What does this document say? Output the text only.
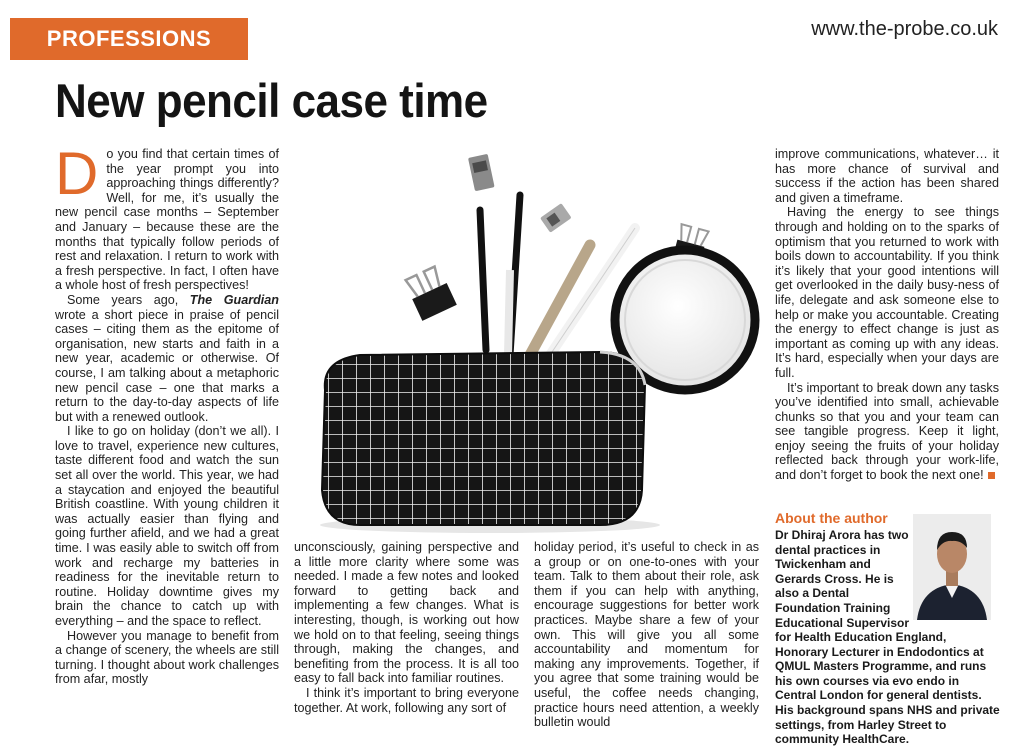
PROFESSIONS	www.the-probe.co.uk
New pencil case time

Do you find that certain times of the year prompt you into approaching things differently? Well, for me, it’s usually the new pencil case months – September and January – because these are the months that typically follow periods of rest and relaxation. I return to work with a fresh perspective. In fact, I often have a whole host of fresh perspectives!

Some years ago, The Guardian wrote a short piece in praise of pencil cases – citing them as the epitome of organisation, new starts and faith in a new year, academic or otherwise. Of course, I am talking about a metaphoric new pencil case – one that marks a return to the day-to-day aspects of life but with a renewed outlook.

I like to go on holiday (don’t we all). I love to travel, experience new cultures, taste different food and watch the sun set all over the world. This year, we had a staycation and enjoyed the beautiful British coastline. With young children it was actually easier than flying and going further afield, and we had a great time. I was easily able to switch off from work and recharge my batteries in readiness for the inevitable return to routine. Holiday downtime gives my brain the chance to catch up with everything – and the space to reflect.

However you manage to benefit from a change of scenery, the wheels are still turning. I thought about work challenges from afar, mostly

unconsciously, gaining perspective and a little more clarity where some was needed. I made a few notes and looked forward to getting back and implementing a few changes. What is interesting, though, is working out how we hold on to that feeling, seeing things through, making the changes, and benefiting from the process. It is all too easy to fall back into familiar routines.

I think it’s important to bring everyone together. At work, following any sort of

holiday period, it’s useful to check in as a group or on one-to-ones with your team. Talk to them about their role, ask them if you can help with anything, encourage suggestions for better work practices. Maybe share a few of your own. This will give you all some accountability and momentum for making any improvements. Together, if you agree that some training would be useful, the coffee needs changing, practice hours need attention, a weekly bulletin would

improve communications, whatever… it has more chance of survival and success if the action has been shared and given a timeframe.

Having the energy to see things through and holding on to the sparks of optimism that you returned to work with boils down to accountability. If you think it’s likely that your good intentions will get overlooked in the daily busy-ness of life, delegate and ask someone else to help or make you accountable. Creating the energy to effect change is just as important as coming up with any ideas. It’s hard, especially when your days are full.

It’s important to break down any tasks you’ve identified into small, achievable chunks so that you and your team can see tangible progress. Keep it light, enjoy seeing the fruits of your holiday reflected back through your work-life, and don’t forget to book the next one!

About the author
Dr Dhiraj Arora has two dental practices in Twickenham and Gerards Cross. He is also a Dental Foundation Training Educational Supervisor
for Health Education England, Honorary Lecturer in Endodontics at QMUL Masters Programme, and runs his own courses via evo endo in Central London for general dentists. His background spans NHS and private settings, from Harley Street to community HealthCare.
